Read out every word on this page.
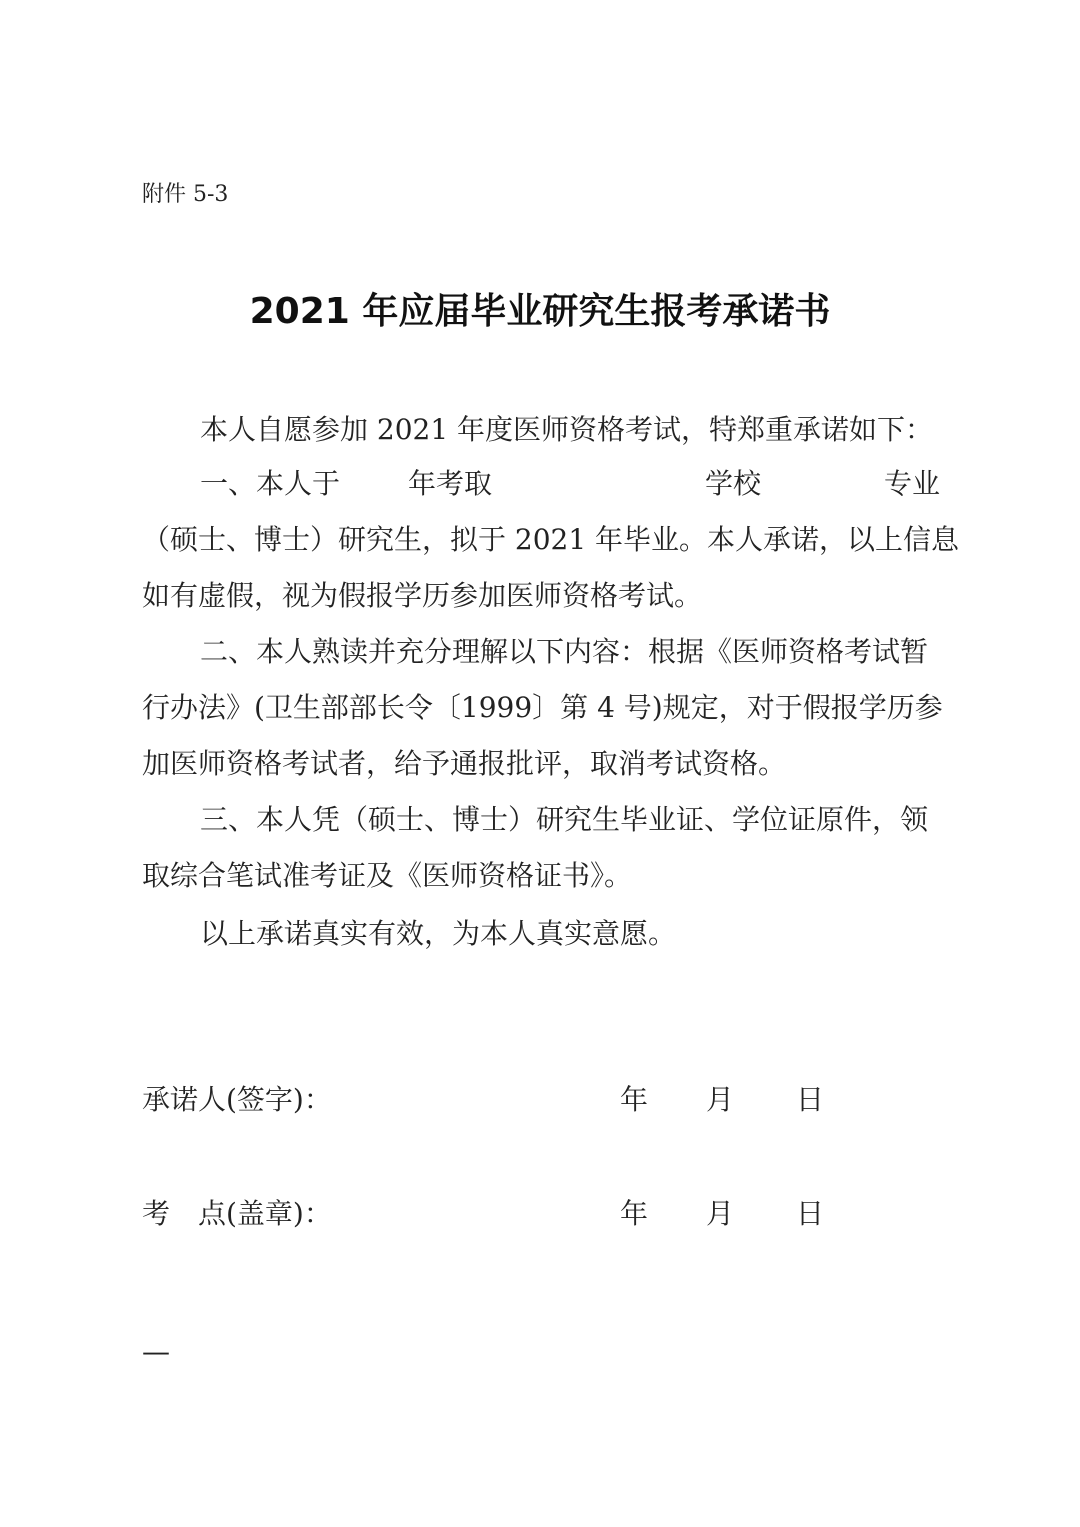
附件 5-3
2021 年应届毕业研究生报考承诺书
本人自愿参加 2021 年度医师资格考试，特郑重承诺如下：
一、本人于 年考取	学校	专业
（硕士、博士）研究生，拟于 2021 年毕业。本人承诺，以上信息
如有虚假，视为假报学历参加医师资格考试。
二、本人熟读并充分理解以下内容：根据《医师资格考试暂
行办法》(卫生部部长令〔1999〕第 4 号)规定，对于假报学历参
加医师资格考试者，给予通报批评，取消考试资格。
三、本人凭（硕士、博士）研究生毕业证、学位证原件，领
取综合笔试准考证及《医师资格证书》。
以上承诺真实有效，为本人真实意愿。
承诺人(签字)：	年 月 日
考　点(盖章)：	年 月 日
—
